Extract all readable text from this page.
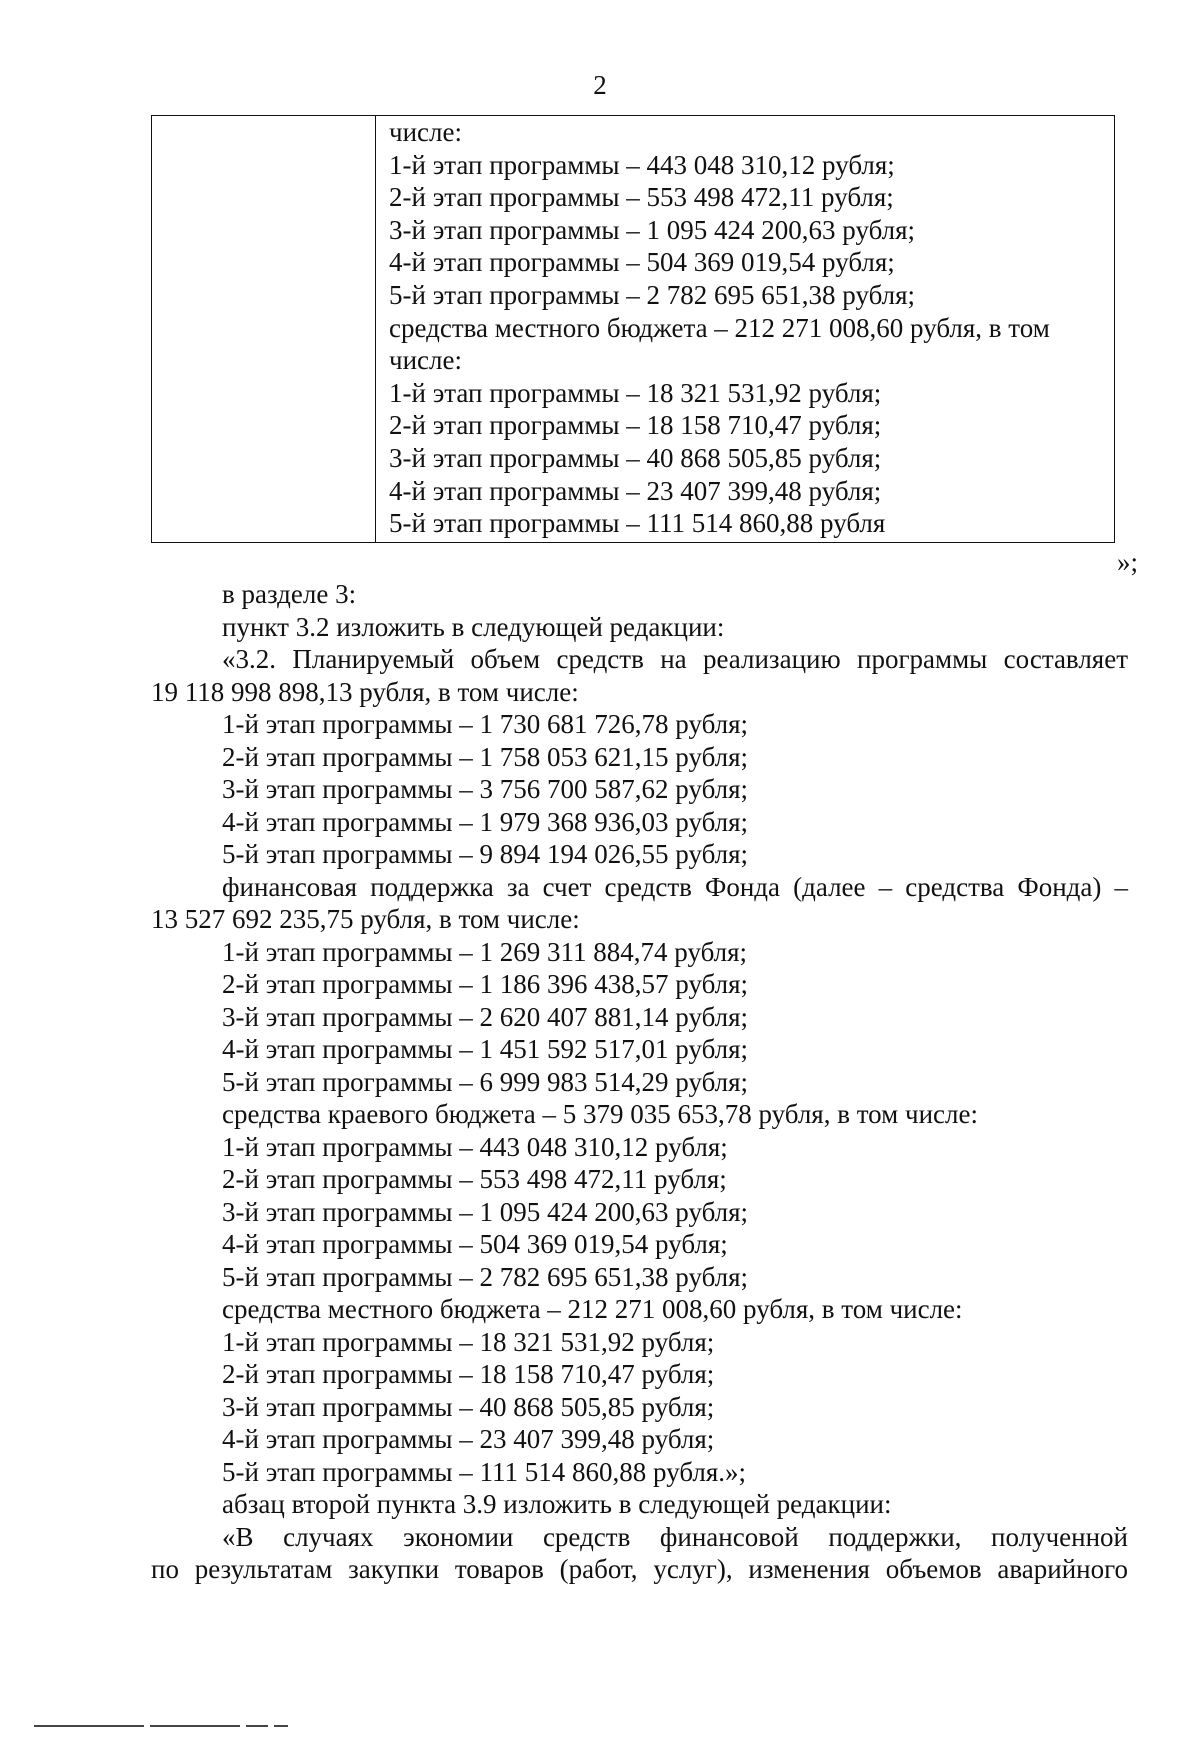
2
числе:
1-й этап программы – 443 048 310,12 рубля;
2-й этап программы – 553 498 472,11 рубля;
3-й этап программы – 1 095 424 200,63 рубля;
4-й этап программы – 504 369 019,54 рубля;
5-й этап программы – 2 782 695 651,38 рубля;
средства местного бюджета – 212 271 008,60 рубля, в том
числе:
1-й этап программы – 18 321 531,92 рубля;
2-й этап программы – 18 158 710,47 рубля;
3-й этап программы – 40 868 505,85 рубля;
4-й этап программы – 23 407 399,48 рубля;
5-й этап программы – 111 514 860,88 рубля
»;
в разделе 3:
пункт 3.2 изложить в следующей редакции:
«3.2. Планируемый объем средств на реализацию программы составляет
19 118 998 898,13 рубля, в том числе:
1-й этап программы – 1 730 681 726,78 рубля;
2-й этап программы – 1 758 053 621,15 рубля;
3-й этап программы – 3 756 700 587,62 рубля;
4-й этап программы – 1 979 368 936,03 рубля;
5-й этап программы – 9 894 194 026,55 рубля;
финансовая поддержка за счет средств Фонда (далее – средства Фонда) –
13 527 692 235,75 рубля, в том числе:
1-й этап программы – 1 269 311 884,74 рубля;
2-й этап программы – 1 186 396 438,57 рубля;
3-й этап программы – 2 620 407 881,14 рубля;
4-й этап программы – 1 451 592 517,01 рубля;
5-й этап программы – 6 999 983 514,29 рубля;
средства краевого бюджета – 5 379 035 653,78 рубля, в том числе:
1-й этап программы – 443 048 310,12 рубля;
2-й этап программы – 553 498 472,11 рубля;
3-й этап программы – 1 095 424 200,63 рубля;
4-й этап программы – 504 369 019,54 рубля;
5-й этап программы – 2 782 695 651,38 рубля;
средства местного бюджета – 212 271 008,60 рубля, в том числе:
1-й этап программы – 18 321 531,92 рубля;
2-й этап программы – 18 158 710,47 рубля;
3-й этап программы – 40 868 505,85 рубля;
4-й этап программы – 23 407 399,48 рубля;
5-й этап программы – 111 514 860,88 рубля.»;
абзац второй пункта 3.9 изложить в следующей редакции:
«В случаях экономии средств финансовой поддержки, полученной
по результатам закупки товаров (работ, услуг), изменения объемов аварийного
